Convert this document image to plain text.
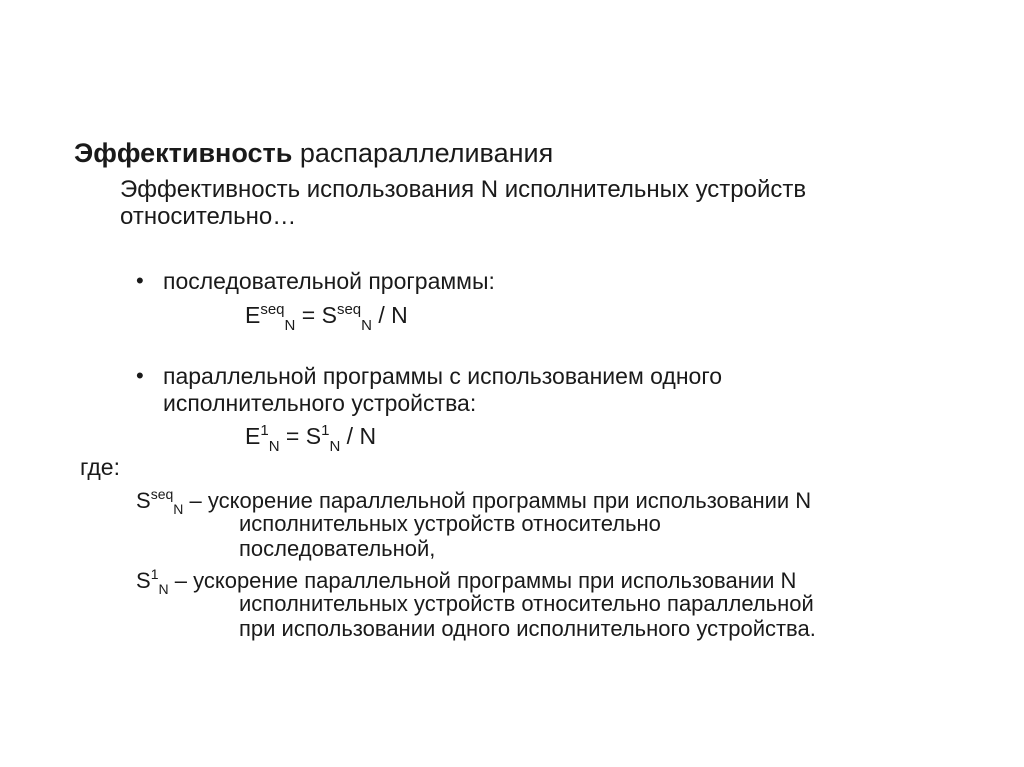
Эффективность распараллеливания
Эффективность использования N исполнительных устройств
относительно…
• последовательной программы:
$E^{seq}_N = S^{seq}_N / N$
• параллельной программы с использованием одного
исполнительного устройства:
$E^1_N = S^1_N / N$
где:
$S^{seq}_N$ – ускорение параллельной программы при использовании N
исполнительных устройств относительно
последовательной,
$S^1_N$ – ускорение параллельной программы при использовании N
исполнительных устройств относительно параллельной
при использовании одного исполнительного устройства.
